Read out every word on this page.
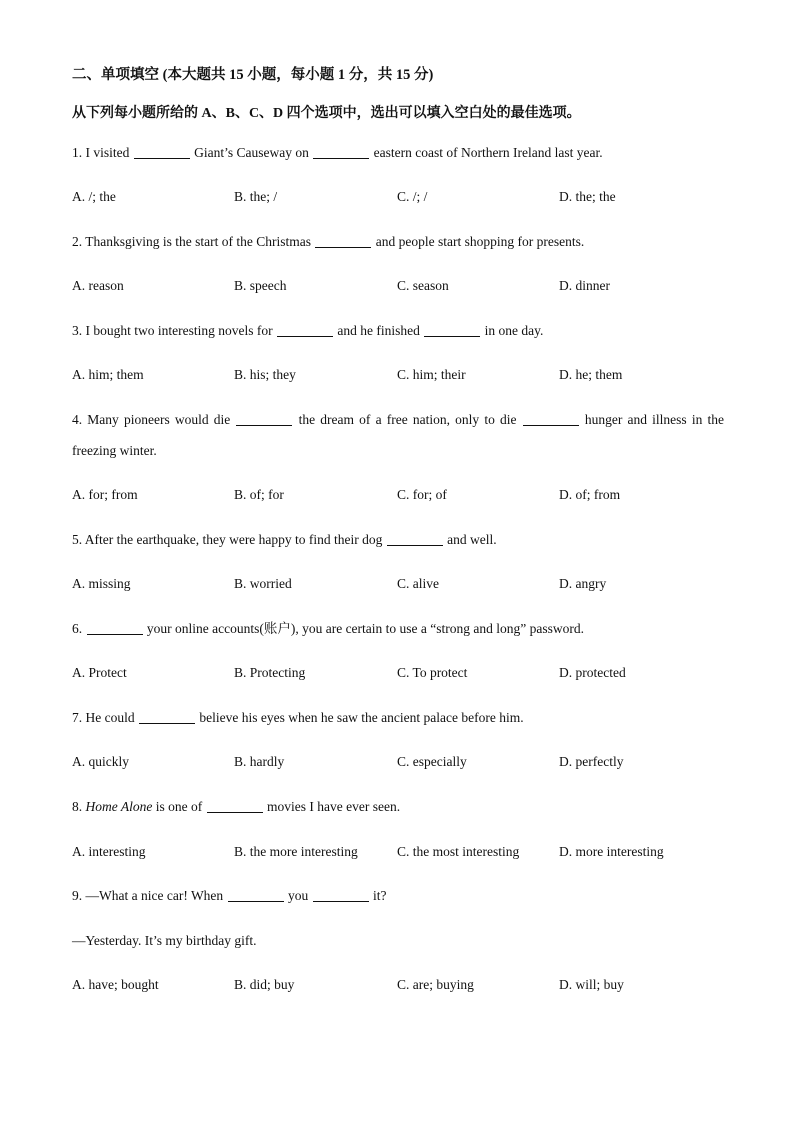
二、单项填空 (本大题共 15 小题，每小题 1 分，共 15 分)
从下列每小题所给的 A、B、C、D 四个选项中，选出可以填入空白处的最佳选项。
1. I visited	Giant’s Causeway on	eastern coast of Northern Ireland last year.
A. /; the	B. the; /	C. /; /	D. the; the
2. Thanksgiving is the start of the Christmas	and people start shopping for presents.
A. reason	B. speech	C. season	D. dinner
3. I bought two interesting novels for	and he finished	in one day.
A. him; them	B. his; they	C. him; their	D. he; them
4. Many pioneers would die	the dream of a free nation, only to die	hunger and illness in the
freezing winter.
A. for; from	B. of; for	C. for; of	D. of; from
5. After the earthquake, they were happy to find their dog	and well.
A. missing	B. worried	C. alive	D. angry
6.	your online accounts(账户), you are certain to use a “strong and long” password.
A. Protect	B. Protecting	C. To protect	D. protected
7. He could	believe his eyes when he saw the ancient palace before him.
A. quickly	B. hardly	C. especially	D. perfectly
8. Home Alone is one of	movies I have ever seen.
A. interesting	B. the more interesting	C. the most interesting	D. more interesting
9. —What a nice car! When	you	it?
—Yesterday. It’s my birthday gift.
A. have; bought	B. did; buy	C. are; buying	D. will; buy
